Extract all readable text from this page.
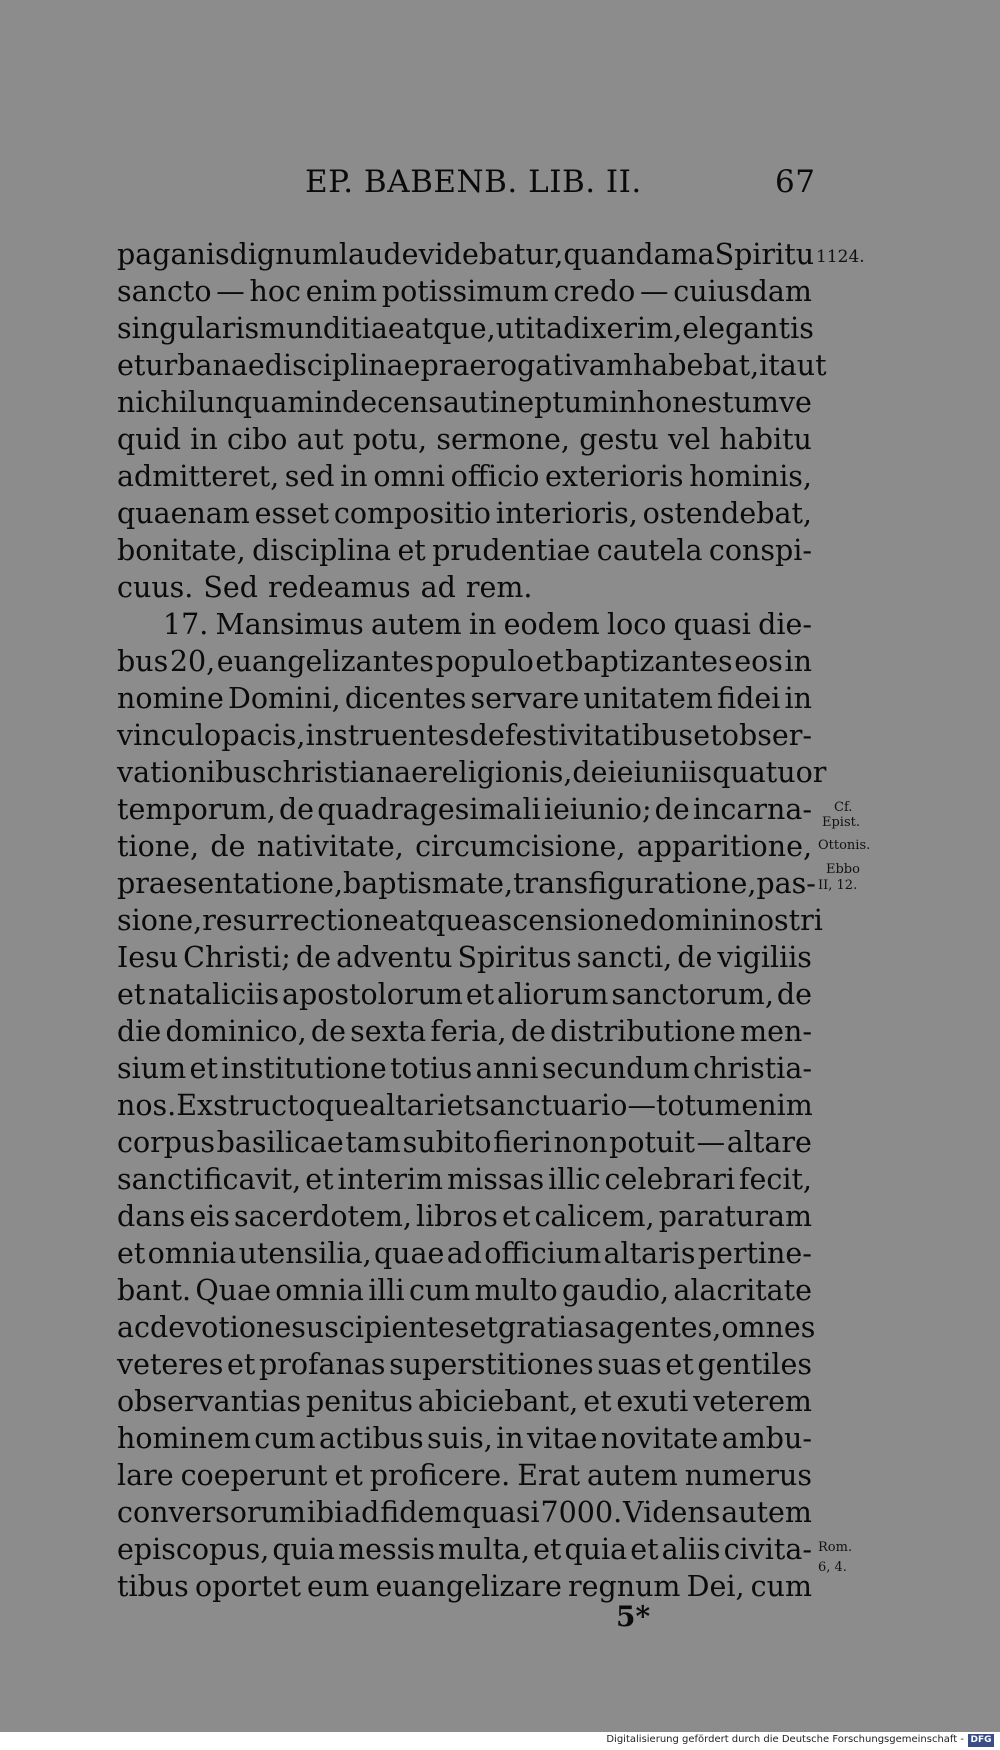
EP. BABENB. LIB. II.	67
paganis dignum laude videbatur, quandam a Spiritu
sancto — hoc enim potissimum credo — cuiusdam
singularis munditiae atque, ut ita dixerim, elegantis
et urbanae disciplinae praerogativam habebat, ita ut
nichil unquam indecens aut ineptum inhonestumve
quid in cibo aut potu, sermone, gestu vel habitu
admitteret, sed in omni officio exterioris hominis,
quaenam esset compositio interioris, ostendebat,
bonitate, disciplina et prudentiae cautela conspi-
cuus. Sed redeamus ad rem.
17. Mansimus autem in eodem loco quasi die-
bus 20, euangelizantes populo et baptizantes eos in
nomine Domini, dicentes servare unitatem fidei in
vinculo pacis, instruentes de festivitatibus et obser-
vationibus christianae religionis, de ieiuniis quatuor
temporum, de quadragesimali ieiunio; de incarna-
tione, de nativitate, circumcisione, apparitione,
praesentatione, baptismate, transfiguratione, pas-
sione, resurrectione atque ascensione domini nostri
Iesu Christi; de adventu Spiritus sancti, de vigiliis
et nataliciis apostolorum et aliorum sanctorum, de
die dominico, de sexta feria, de distributione men-
sium et institutione totius anni secundum christia-
nos. Exstructoque altari et sanctuario — totum enim
corpus basilicae tam subito fieri non potuit — altare
sanctificavit, et interim missas illic celebrari fecit,
dans eis sacerdotem, libros et calicem, paraturam
et omnia utensilia, quae ad officium altaris pertine-
bant. Quae omnia illi cum multo gaudio, alacritate
ac devotione suscipientes et gratias agentes, omnes
veteres et profanas superstitiones suas et gentiles
observantias penitus abiciebant, et exuti veterem
hominem cum actibus suis, in vitae novitate ambu-
lare coeperunt et proficere. Erat autem numerus
conversorum ibi ad fidem quasi 7000. Videns autem
episcopus, quia messis multa, et quia et aliis civita-
tibus oportet eum euangelizare regnum Dei, cum
1124.
Cf.
Epist.
Ottonis.
Ebbo
II, 12.
Rom.
6, 4.
5*
Digitalisierung gefördert durch die Deutsche Forschungsgemeinschaft - DFG
